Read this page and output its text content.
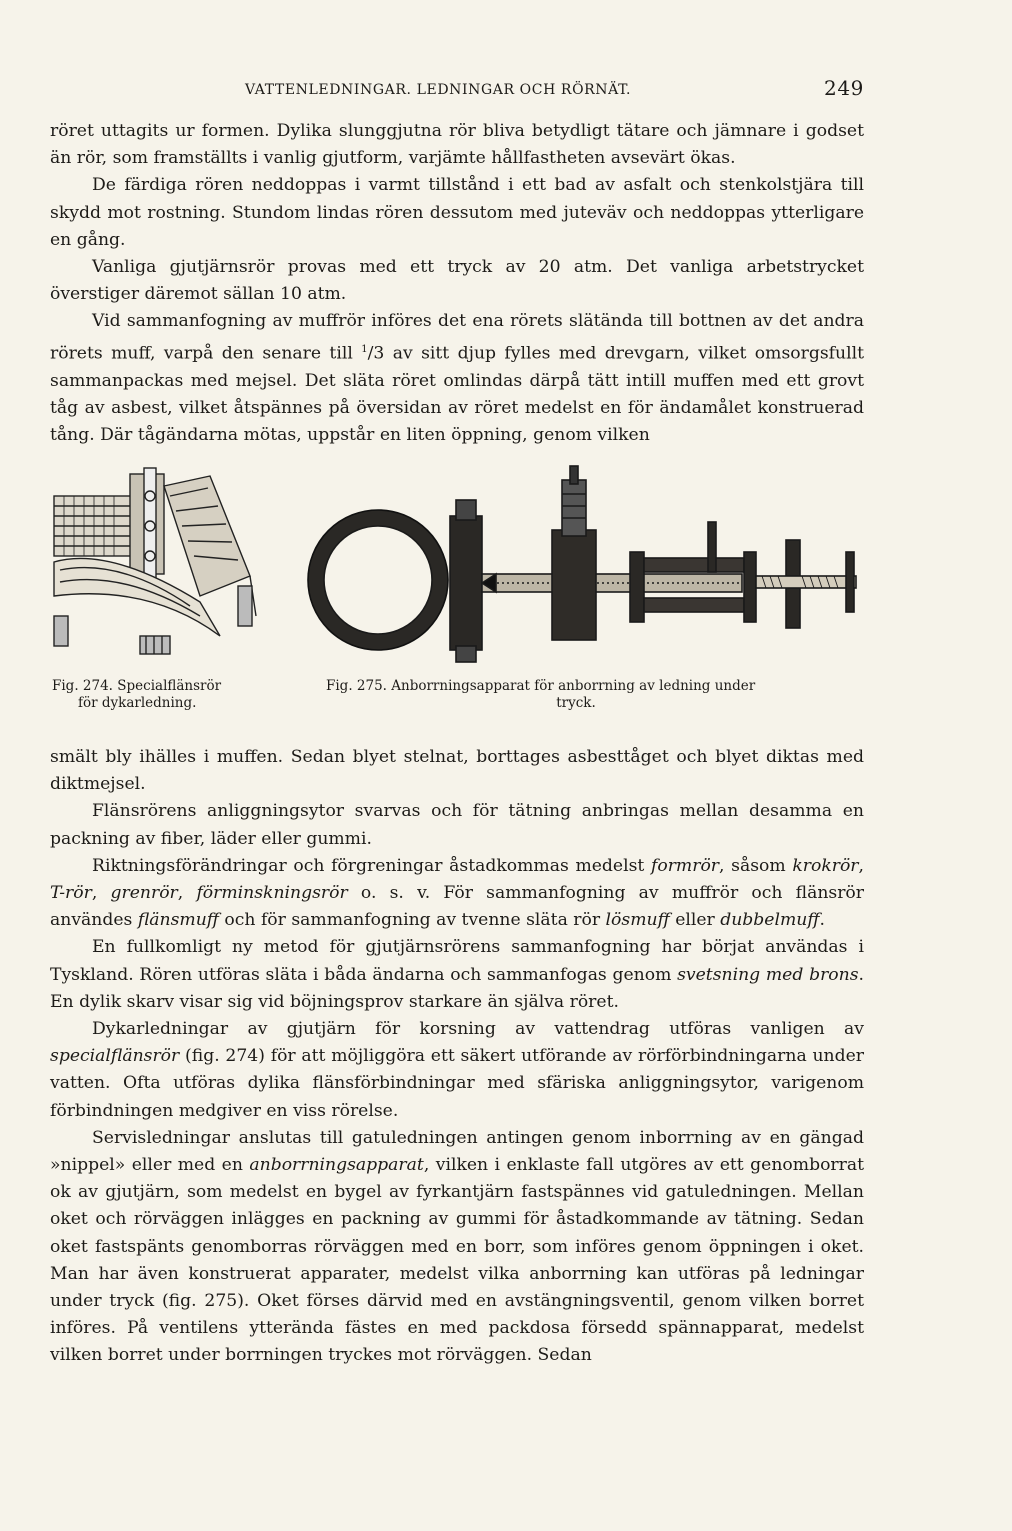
VATTENLEDNINGAR. LEDNINGAR OCH RÖRNÄT.	249

röret uttagits ur formen. Dylika slunggjutna rör bliva betydligt tätare och jämnare i godset än rör, som framställts i vanlig gjutform, varjämte hållfastheten avsevärt ökas.

De färdiga rören neddoppas i varmt tillstånd i ett bad av asfalt och stenkolstjära till skydd mot rostning. Stundom lindas rören dessutom med juteväv och neddoppas ytterligare en gång.

Vanliga gjutjärnsrör provas med ett tryck av 20 atm. Det vanliga arbetstrycket överstiger däremot sällan 10 atm.

Vid sammanfogning av muffrör införes det ena rörets slätända till bottnen av det andra rörets muff, varpå den senare till $^1$/3 av sitt djup fylles med drevgarn, vilket omsorgsfullt sammanpackas med mejsel. Det släta röret omlindas därpå tätt intill muffen med ett grovt tåg av asbest, vilket åtspännes på översidan av röret medelst en för ändamålet konstruerad tång. Där tågändarna mötas, uppstår en liten öppning, genom vilken

Fig. 274. Specialflänsrör
för dykarledning.
Fig. 275. Anborrningsapparat för anborrning av ledning under
tryck.

smält bly ihälles i muffen. Sedan blyet stelnat, borttages asbesttåget och blyet diktas med diktmejsel.

Flänsrörens anliggningsytor svarvas och för tätning anbringas mellan desamma en packning av fiber, läder eller gummi.

Riktningsförändringar och förgreningar åstadkommas medelst formrör, såsom krokrör, T-rör, grenrör, förminskningsrör o. s. v. För sammanfogning av muffrör och flänsrör användes flänsmuff och för sammanfogning av tvenne släta rör lösmuff eller dubbelmuff.

En fullkomligt ny metod för gjutjärnsrörens sammanfogning har börjat användas i Tyskland. Rören utföras släta i båda ändarna och sammanfogas genom svetsning med brons. En dylik skarv visar sig vid böjningsprov starkare än själva röret.

Dykarledningar av gjutjärn för korsning av vattendrag utföras vanligen av specialflänsrör (fig. 274) för att möjliggöra ett säkert utförande av rörförbindningarna under vatten. Ofta utföras dylika flänsförbindningar med sfäriska anliggningsytor, varigenom förbindningen medgiver en viss rörelse.

Servisledningar anslutas till gatuledningen antingen genom inborrning av en gängad »nippel» eller med en anborrningsapparat, vilken i enklaste fall utgöres av ett genomborrat ok av gjutjärn, som medelst en bygel av fyrkantjärn fastspännes vid gatuledningen. Mellan oket och rörväggen inlägges en packning av gummi för åstadkommande av tätning. Sedan oket fastspänts genomborras rörväggen med en borr, som införes genom öppningen i oket. Man har även konstruerat apparater, medelst vilka anborrning kan utföras på ledningar under tryck (fig. 275). Oket förses därvid med en avstängningsventil, genom vilken borret införes. På ventilens ytterända fästes en med packdosa försedd spännapparat, medelst vilken borret under borrningen tryckes mot rörväggen. Sedan
